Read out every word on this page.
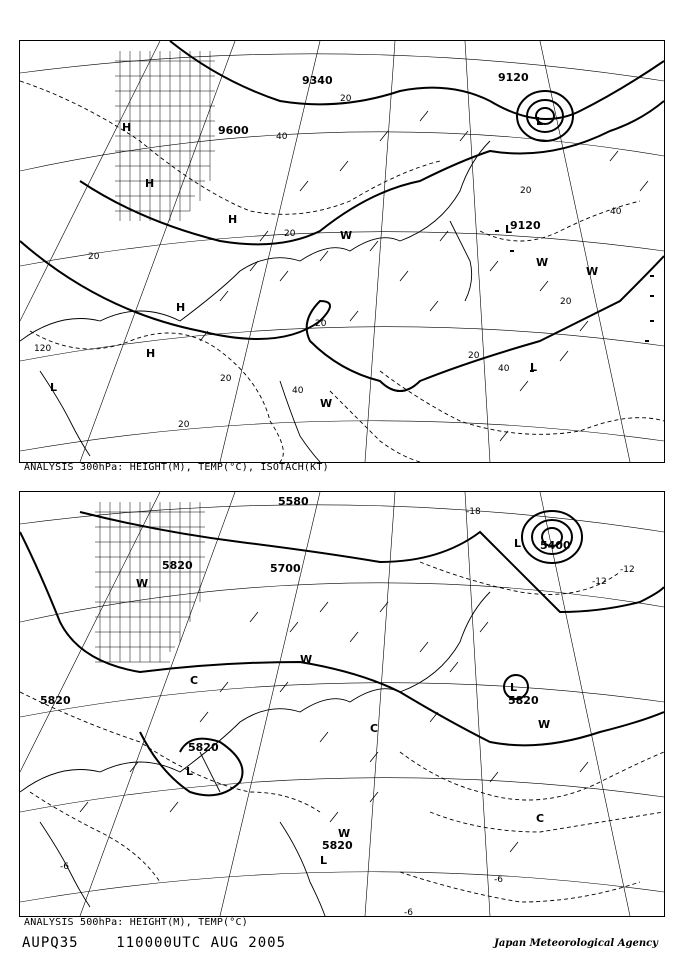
9340	9120
9600
9120
20
20
40
20
20
40
20
20
40
20
120
20
20
40
H
H
H
H
H
L
L
L
L
W
W
W
W
ANALYSIS 300hPa: HEIGHT(M), TEMP(°C), ISOTACH(KT)
5580
5820	5700
5820
5820
5820
5820
5400
-18
-12
-6
-6
-6
-12
W
W
L
L
C
C
L
W
L
C
W
ANALYSIS 500hPa: HEIGHT(M), TEMP(°C)
AUPQ35	110000UTC AUG 2005	Japan Meteorological Agency
